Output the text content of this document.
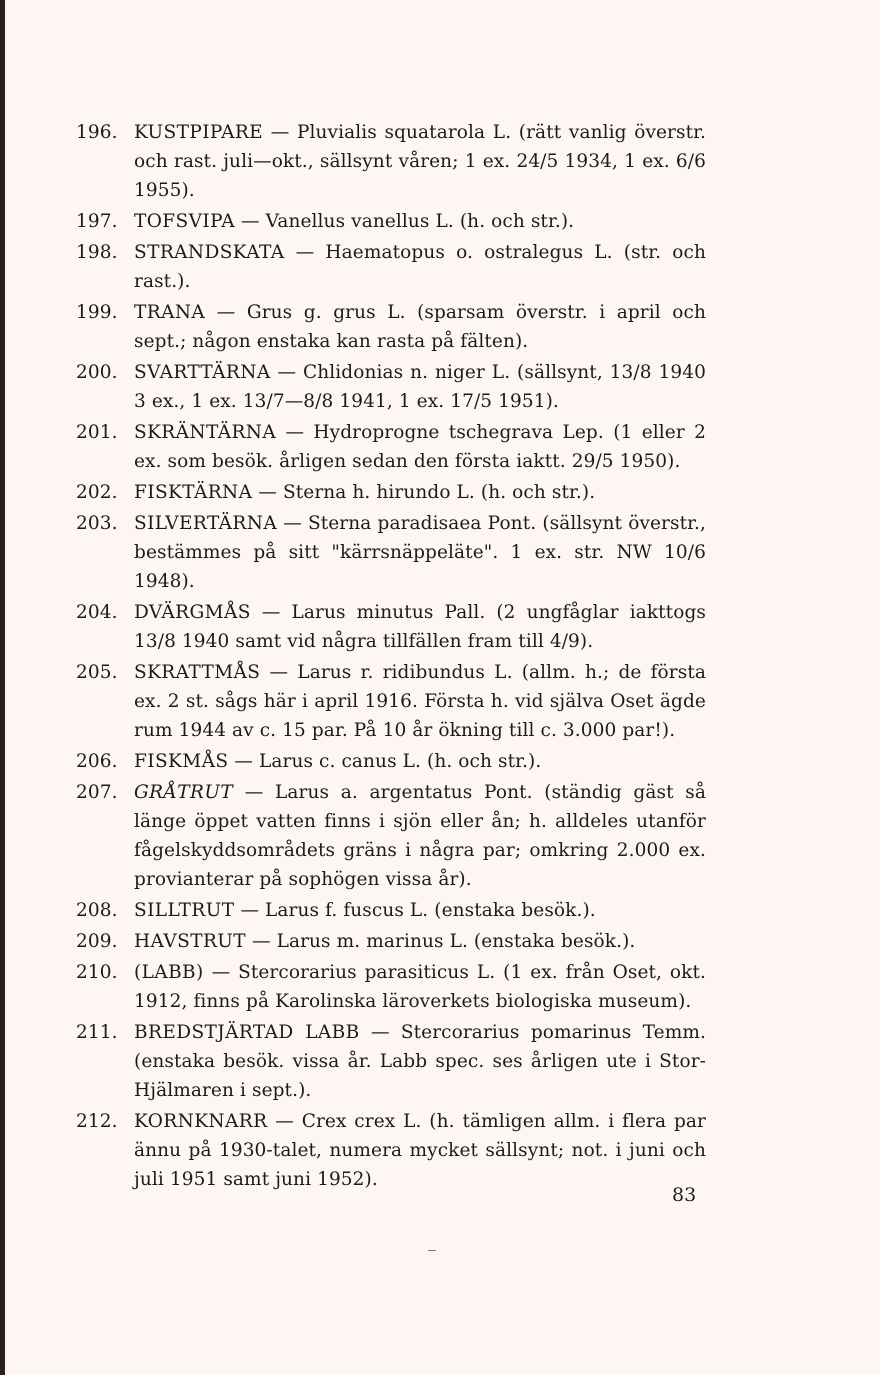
196. KUSTPIPARE — Pluvialis squatarola L. (rätt vanlig överstr. och rast. juli—okt., sällsynt våren; 1 ex. 24/5 1934, 1 ex. 6/6 1955).
197. TOFSVIPA — Vanellus vanellus L. (h. och str.).
198. STRANDSKATA — Haematopus o. ostralegus L. (str. och rast.).
199. TRANA — Grus g. grus L. (sparsam överstr. i april och sept.; någon enstaka kan rasta på fälten).
200. SVARTTÄRNA — Chlidonias n. niger L. (sällsynt, 13/8 1940 3 ex., 1 ex. 13/7—8/8 1941, 1 ex. 17/5 1951).
201. SKRÄNTÄRNA — Hydroprogne tschegrava Lep. (1 eller 2 ex. som besök. årligen sedan den första iaktt. 29/5 1950).
202. FISKTÄRNA — Sterna h. hirundo L. (h. och str.).
203. SILVERTÄRNA — Sterna paradisaea Pont. (sällsynt överstr., bestämmes på sitt "kärrsnäppeläte". 1 ex. str. NW 10/6 1948).
204. DVÄRGMÅS — Larus minutus Pall. (2 ungfåglar iakttogs 13/8 1940 samt vid några tillfällen fram till 4/9).
205. SKRATTMÅS — Larus r. ridibundus L. (allm. h.; de första ex. 2 st. sågs här i april 1916. Första h. vid själva Oset ägde rum 1944 av c. 15 par. På 10 år ökning till c. 3.000 par!).
206. FISKMÅS — Larus c. canus L. (h. och str.).
207. GRÅTRUT — Larus a. argentatus Pont. (ständig gäst så länge öppet vatten finns i sjön eller ån; h. alldeles utanför fågelskyddsområdets gräns i några par; omkring 2.000 ex. provianterar på sophögen vissa år).
208. SILLTRUT — Larus f. fuscus L. (enstaka besök.).
209. HAVSTRUT — Larus m. marinus L. (enstaka besök.).
210. (LABB) — Stercorarius parasiticus L. (1 ex. från Oset, okt. 1912, finns på Karolinska läroverkets biologiska museum).
211. BREDSTJÄRTAD LABB — Stercorarius pomarinus Temm. (enstaka besök. vissa år. Labb spec. ses årligen ute i Stor-Hjälmaren i sept.).
212. KORNKNARR — Crex crex L. (h. tämligen allm. i flera par ännu på 1930-talet, numera mycket sällsynt; not. i juni och juli 1951 samt juni 1952).
83
